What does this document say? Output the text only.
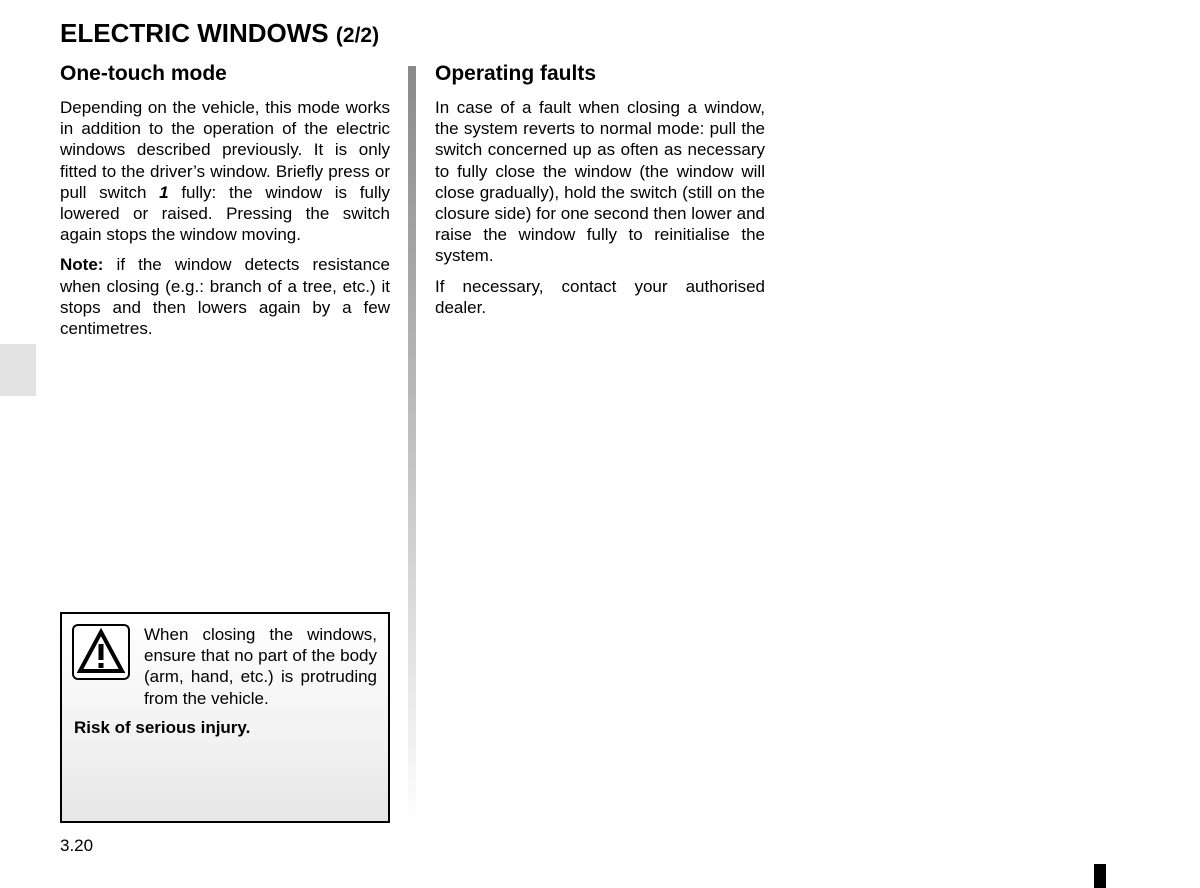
ELECTRIC WINDOWS (2/2)
One-touch mode
Depending on the vehicle, this mode works in addition to the operation of the electric windows described previously. It is only fitted to the driver’s window. Briefly press or pull switch 1 fully: the window is fully lowered or raised. Pressing the switch again stops the window moving.
Note: if the window detects resistance when closing (e.g.: branch of a tree, etc.) it stops and then lowers again by a few centimetres.
Operating faults
In case of a fault when closing a window, the system reverts to normal mode: pull the switch concerned up as often as necessary to fully close the window (the window will close gradually), hold the switch (still on the closure side) for one second then lower and raise the window fully to reinitialise the system.
If necessary, contact your authorised dealer.
When closing the windows, ensure that no part of the body (arm, hand, etc.) is protruding from the vehicle.
Risk of serious injury.
3.20
